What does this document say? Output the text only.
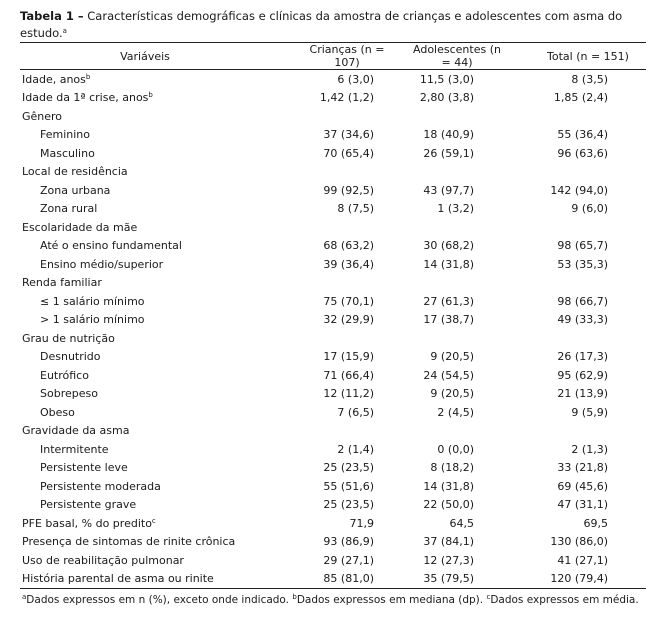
Tabela 1 – Características demográficas e clínicas da amostra de crianças e adolescentes com asma do estudo.$^a$

Variáveis	Crianças (n = 107)	Adolescentes (n = 44)	Total (n = 151)
Idade, anos$^b$	6 (3,0)	11,5 (3,0)	8 (3,5)
Idade da 1ª crise, anos$^b$	1,42 (1,2)	2,80 (3,8)	1,85 (2,4)
Gênero			
Feminino	37 (34,6)	18 (40,9)	55 (36,4)
Masculino	70 (65,4)	26 (59,1)	96 (63,6)
Local de residência			
Zona urbana	99 (92,5)	43 (97,7)	142 (94,0)
Zona rural	8 (7,5)	1 (3,2)	9 (6,0)
Escolaridade da mãe			
Até o ensino fundamental	68 (63,2)	30 (68,2)	98 (65,7)
Ensino médio/superior	39 (36,4)	14 (31,8)	53 (35,3)
Renda familiar			
≤ 1 salário mínimo	75 (70,1)	27 (61,3)	98 (66,7)
> 1 salário mínimo	32 (29,9)	17 (38,7)	49 (33,3)
Grau de nutrição			
Desnutrido	17 (15,9)	9 (20,5)	26 (17,3)
Eutrófico	71 (66,4)	24 (54,5)	95 (62,9)
Sobrepeso	12 (11,2)	9 (20,5)	21 (13,9)
Obeso	7 (6,5)	2 (4,5)	9 (5,9)
Gravidade da asma			
Intermitente	2 (1,4)	0 (0,0)	2 (1,3)
Persistente leve	25 (23,5)	8 (18,2)	33 (21,8)
Persistente moderada	55 (51,6)	14 (31,8)	69 (45,6)
Persistente grave	25 (23,5)	22 (50,0)	47 (31,1)
PFE basal, % do predito$^c$	71,9	64,5	69,5
Presença de sintomas de rinite crônica	93 (86,9)	37 (84,1)	130 (86,0)
Uso de reabilitação pulmonar	29 (27,1)	12 (27,3)	41 (27,1)
História parental de asma ou rinite	85 (81,0)	35 (79,5)	120 (79,4)
$^a$Dados expressos em n (%), exceto onde indicado. $^b$Dados expressos em mediana (dp). $^c$Dados expressos em média.
